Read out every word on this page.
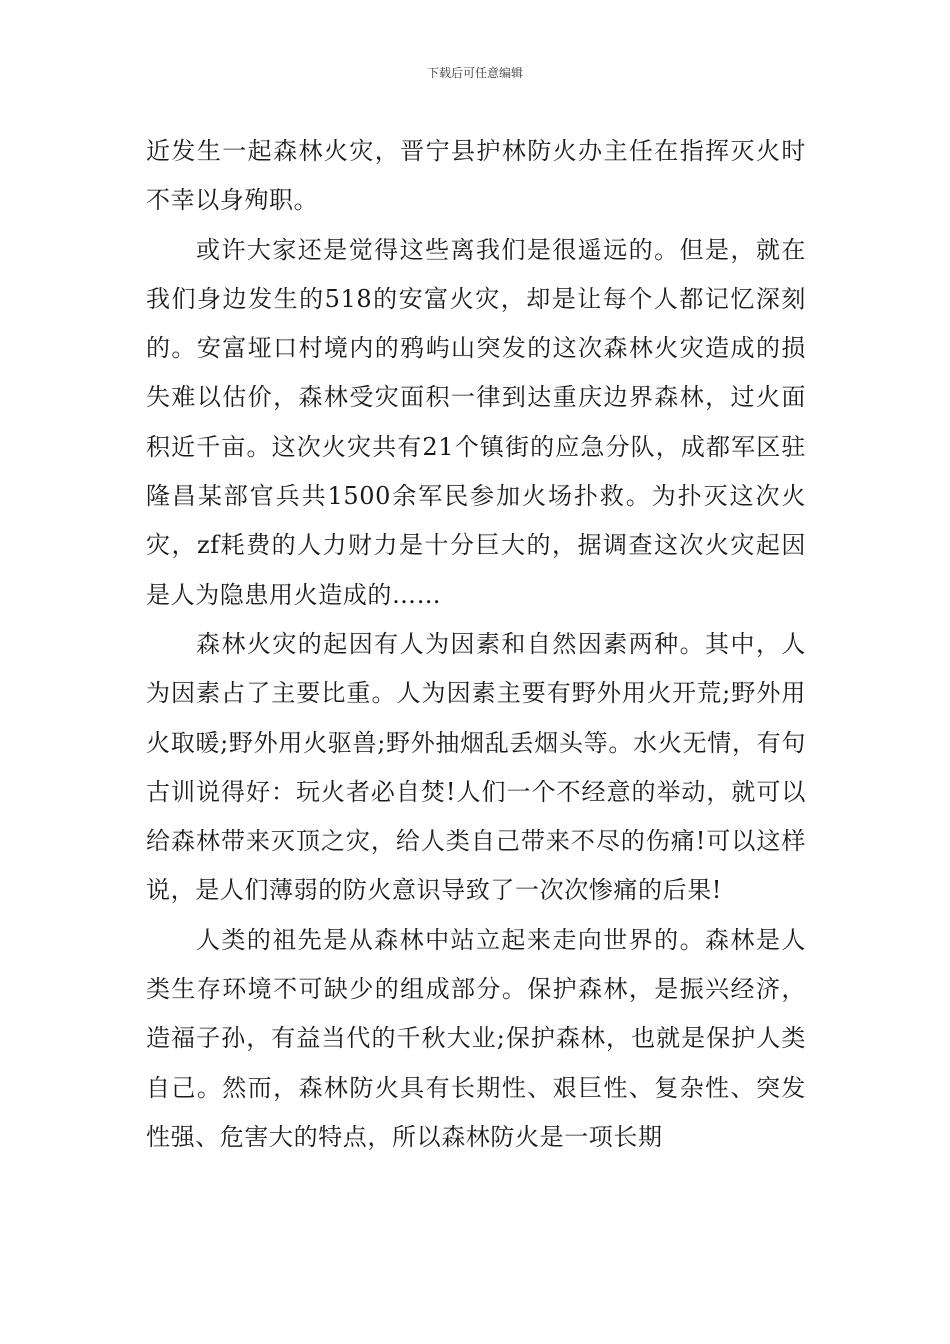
下载后可任意编辑

近发生一起森林火灾，晋宁县护林防火办主任在指挥灭火时不幸以身殉职。

或许大家还是觉得这些离我们是很遥远的。但是，就在我们身边发生的518的安富火灾，却是让每个人都记忆深刻的。安富垭口村境内的鸦屿山突发的这次森林火灾造成的损失难以估价，森林受灾面积一律到达重庆边界森林，过火面积近千亩。这次火灾共有21个镇街的应急分队，成都军区驻隆昌某部官兵共1500余军民参加火场扑救。为扑灭这次火灾，zf耗费的人力财力是十分巨大的，据调查这次火灾起因是人为隐患用火造成的……

森林火灾的起因有人为因素和自然因素两种。其中，人为因素占了主要比重。人为因素主要有野外用火开荒;野外用火取暖;野外用火驱兽;野外抽烟乱丢烟头等。水火无情，有句古训说得好：玩火者必自焚!人们一个不经意的举动，就可以给森林带来灭顶之灾，给人类自己带来不尽的伤痛!可以这样说，是人们薄弱的防火意识导致了一次次惨痛的后果!

人类的祖先是从森林中站立起来走向世界的。森林是人类生存环境不可缺少的组成部分。保护森林，是振兴经济，造福子孙，有益当代的千秋大业;保护森林，也就是保护人类自己。然而，森林防火具有长期性、艰巨性、复杂性、突发性强、危害大的特点，所以森林防火是一项长期
